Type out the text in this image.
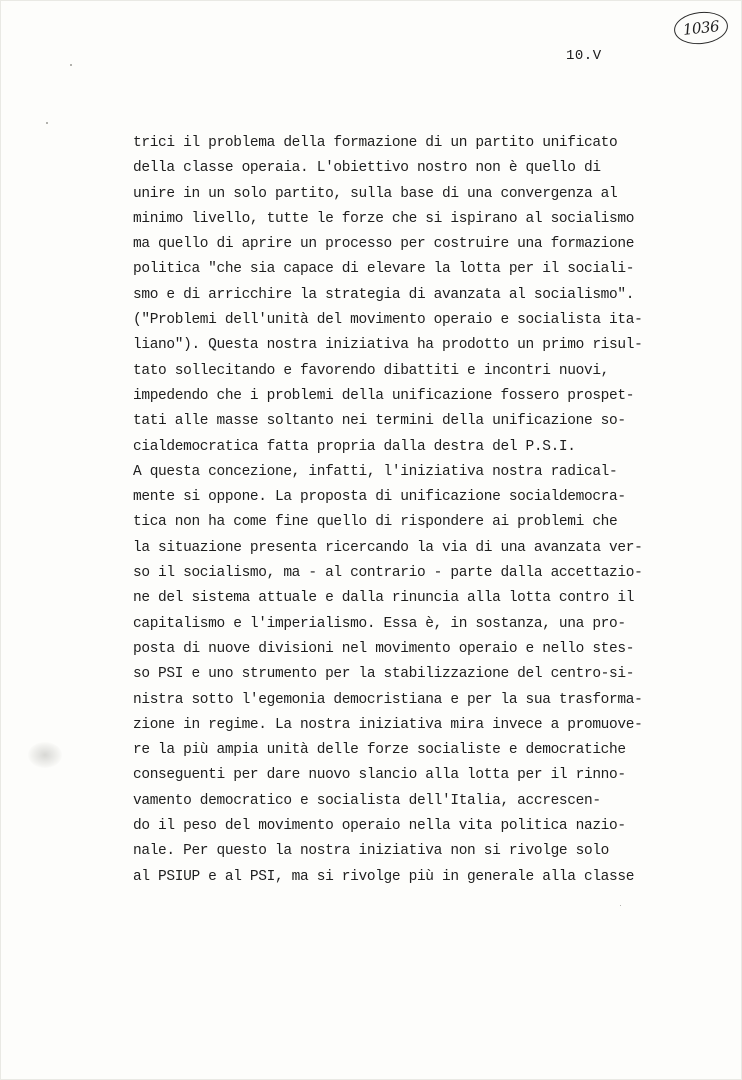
1036
10.V
trici il problema della formazione di un partito unificato
della classe operaia. L'obiettivo nostro non è quello di
unire in un solo partito, sulla base di una convergenza al
minimo livello, tutte le forze che si ispirano al socialismo
ma quello di aprire un processo per costruire una formazione
politica "che sia capace di elevare la lotta per il sociali-
smo e di arricchire la strategia di avanzata al socialismo".
("Problemi dell'unità del movimento operaio e socialista ita-
liano"). Questa nostra iniziativa ha prodotto un primo risul-
tato sollecitando e favorendo dibattiti e incontri nuovi,
impedendo che i problemi della unificazione fossero prospet-
tati alle masse soltanto nei termini della unificazione so-
cialdemocratica fatta propria dalla destra del P.S.I.
A questa concezione, infatti, l'iniziativa nostra radical-
mente si oppone. La proposta di unificazione socialdemocra-
tica non ha come fine quello di rispondere ai problemi che
la situazione presenta ricercando la via di una avanzata ver-
so il socialismo, ma - al contrario - parte dalla accettazio-
ne del sistema attuale e dalla rinuncia alla lotta contro il
capitalismo e l'imperialismo. Essa è, in sostanza, una pro-
posta di nuove divisioni nel movimento operaio e nello stes-
so PSI e uno strumento per la stabilizzazione del centro-si-
nistra sotto l'egemonia democristiana e per la sua trasforma-
zione in regime. La nostra iniziativa mira invece a promuove-
re la più ampia unità delle forze socialiste e democratiche
conseguenti per dare nuovo slancio alla lotta per il rinno-
vamento democratico e socialista dell'Italia, accrescen-
do il peso del movimento operaio nella vita politica nazio-
nale. Per questo la nostra iniziativa non si rivolge solo
al PSIUP e al PSI, ma si rivolge più in generale alla classe
